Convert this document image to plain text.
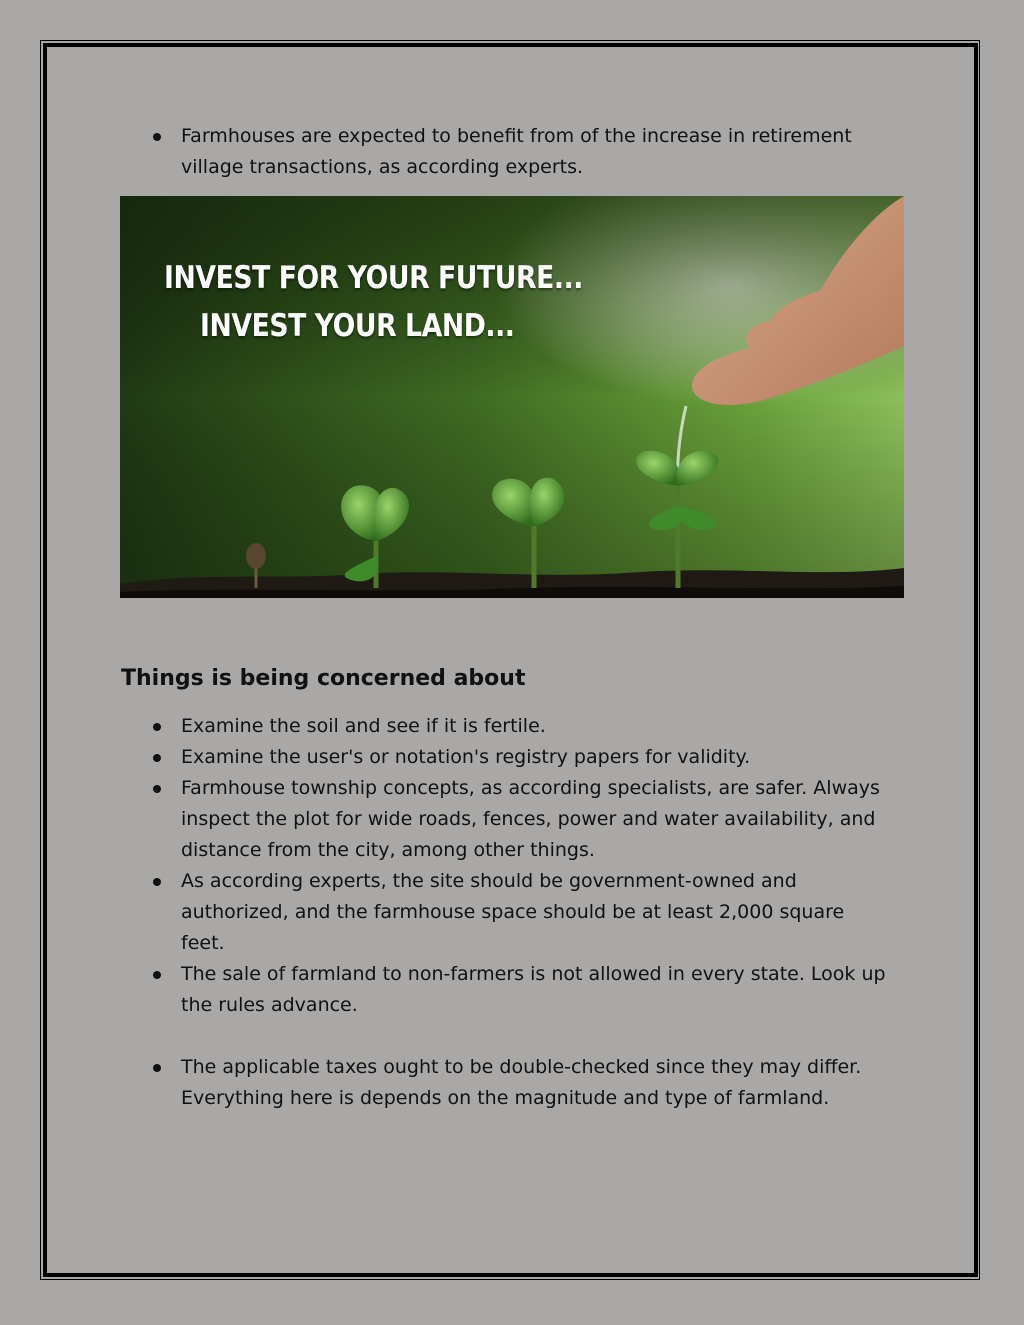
Farmhouses are expected to benefit from of the increase in retirement village transactions, as according experts.
INVEST FOR YOUR FUTURE...
INVEST YOUR LAND...
Things is being concerned about
Examine the soil and see if it is fertile.
Examine the user's or notation's registry papers for validity.
Farmhouse township concepts, as according specialists, are safer. Always inspect the plot for wide roads, fences, power and water availability, and distance from the city, among other things.
As according experts, the site should be government-owned and authorized, and the farmhouse space should be at least 2,000 square feet.
The sale of farmland to non-farmers is not allowed in every state. Look up the rules advance.
The applicable taxes ought to be double-checked since they may differ. Everything here is depends on the magnitude and type of farmland.
